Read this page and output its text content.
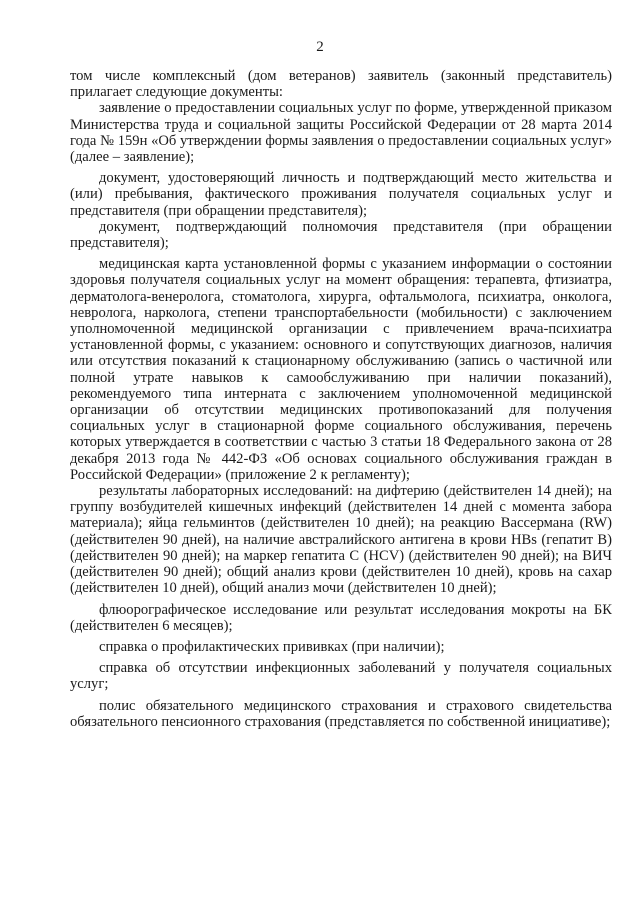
2

том числе комплексный (дом ветеранов) заявитель (законный представитель) прилагает следующие документы:

заявление о предоставлении социальных услуг по форме, утвержденной приказом Министерства труда и социальной защиты Российской Федерации от 28 марта 2014 года № 159н «Об утверждении формы заявления о предоставлении социальных услуг» (далее – заявление);

документ, удостоверяющий личность и подтверждающий место жительства и (или) пребывания, фактического проживания получателя социальных услуг и представителя (при обращении представителя);

документ, подтверждающий полномочия представителя (при обращении представителя);

медицинская карта установленной формы с указанием информации о состоянии здоровья получателя социальных услуг на момент обращения: терапевта, фтизиатра, дерматолога-венеролога, стоматолога, хирурга, офтальмолога, психиатра, онколога, невролога, нарколога, степени транспортабельности (мобильности) с заключением уполномоченной медицинской организации с привлечением врача-психиатра установленной формы, с указанием: основного и сопутствующих диагнозов, наличия или отсутствия показаний к стационарному обслуживанию (запись о частичной или полной утрате навыков к самообслуживанию при наличии показаний), рекомендуемого типа интерната с заключением уполномоченной медицинской организации об отсутствии медицинских противопоказаний для получения социальных услуг в стационарной форме социального обслуживания, перечень которых утверждается в соответствии с частью 3 статьи 18 Федерального закона от 28 декабря 2013 года № 442-ФЗ «Об основах социального обслуживания граждан в Российской Федерации» (приложение 2 к регламенту);

результаты лабораторных исследований: на дифтерию (действителен 14 дней); на группу возбудителей кишечных инфекций (действителен 14 дней с момента забора материала); яйца гельминтов (действителен 10 дней); на реакцию Вассермана (RW) (действителен 90 дней), на наличие австралийского антигена в крови HBs (гепатит В) (действителен 90 дней); на маркер гепатита С (HCV) (действителен 90 дней); на ВИЧ (действителен 90 дней); общий анализ крови (действителен 10 дней), кровь на сахар (действителен 10 дней), общий анализ мочи (действителен 10 дней);

флюорографическое исследование или результат исследования мокроты на БК (действителен 6 месяцев);

справка о профилактических прививках (при наличии);

справка об отсутствии инфекционных заболеваний у получателя социальных услуг;

полис обязательного медицинского страхования и страхового свидетельства обязательного пенсионного страхования (представляется по собственной инициативе);
